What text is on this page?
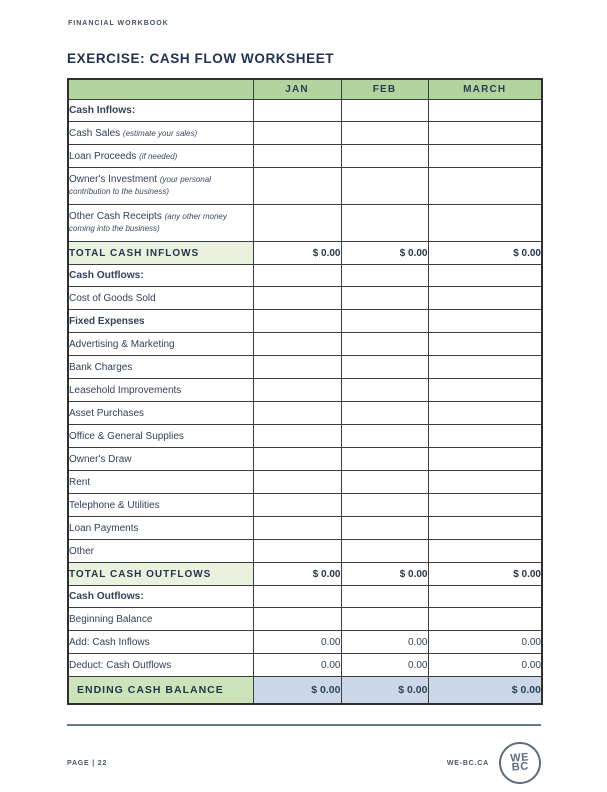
FINANCIAL WORKBOOK
EXERCISE: CASH FLOW WORKSHEET
	JAN	FEB	MARCH
Cash Inflows:			
Cash Sales (estimate your sales)			
Loan Proceeds (if needed)			
Owner's Investment (your personal contribution to the business)			
Other Cash Receipts (any other money coming into the business)			
TOTAL CASH INFLOWS	$ 0.00	$ 0.00	$ 0.00
Cash Outflows:			
Cost of Goods Sold			
Fixed Expenses			
Advertising & Marketing			
Bank Charges			
Leasehold Improvements			
Asset Purchases			
Office & General Supplies			
Owner's Draw			
Rent			
Telephone & Utilities			
Loan Payments			
Other			
TOTAL CASH OUTFLOWS	$ 0.00	$ 0.00	$ 0.00
Cash Outflows:			
Beginning Balance			
Add: Cash Inflows	0.00	0.00	0.00
Deduct: Cash Outflows	0.00	0.00	0.00
ENDING CASH BALANCE	$ 0.00	$ 0.00	$ 0.00
PAGE | 22	WE-BC.CA WE
BC
